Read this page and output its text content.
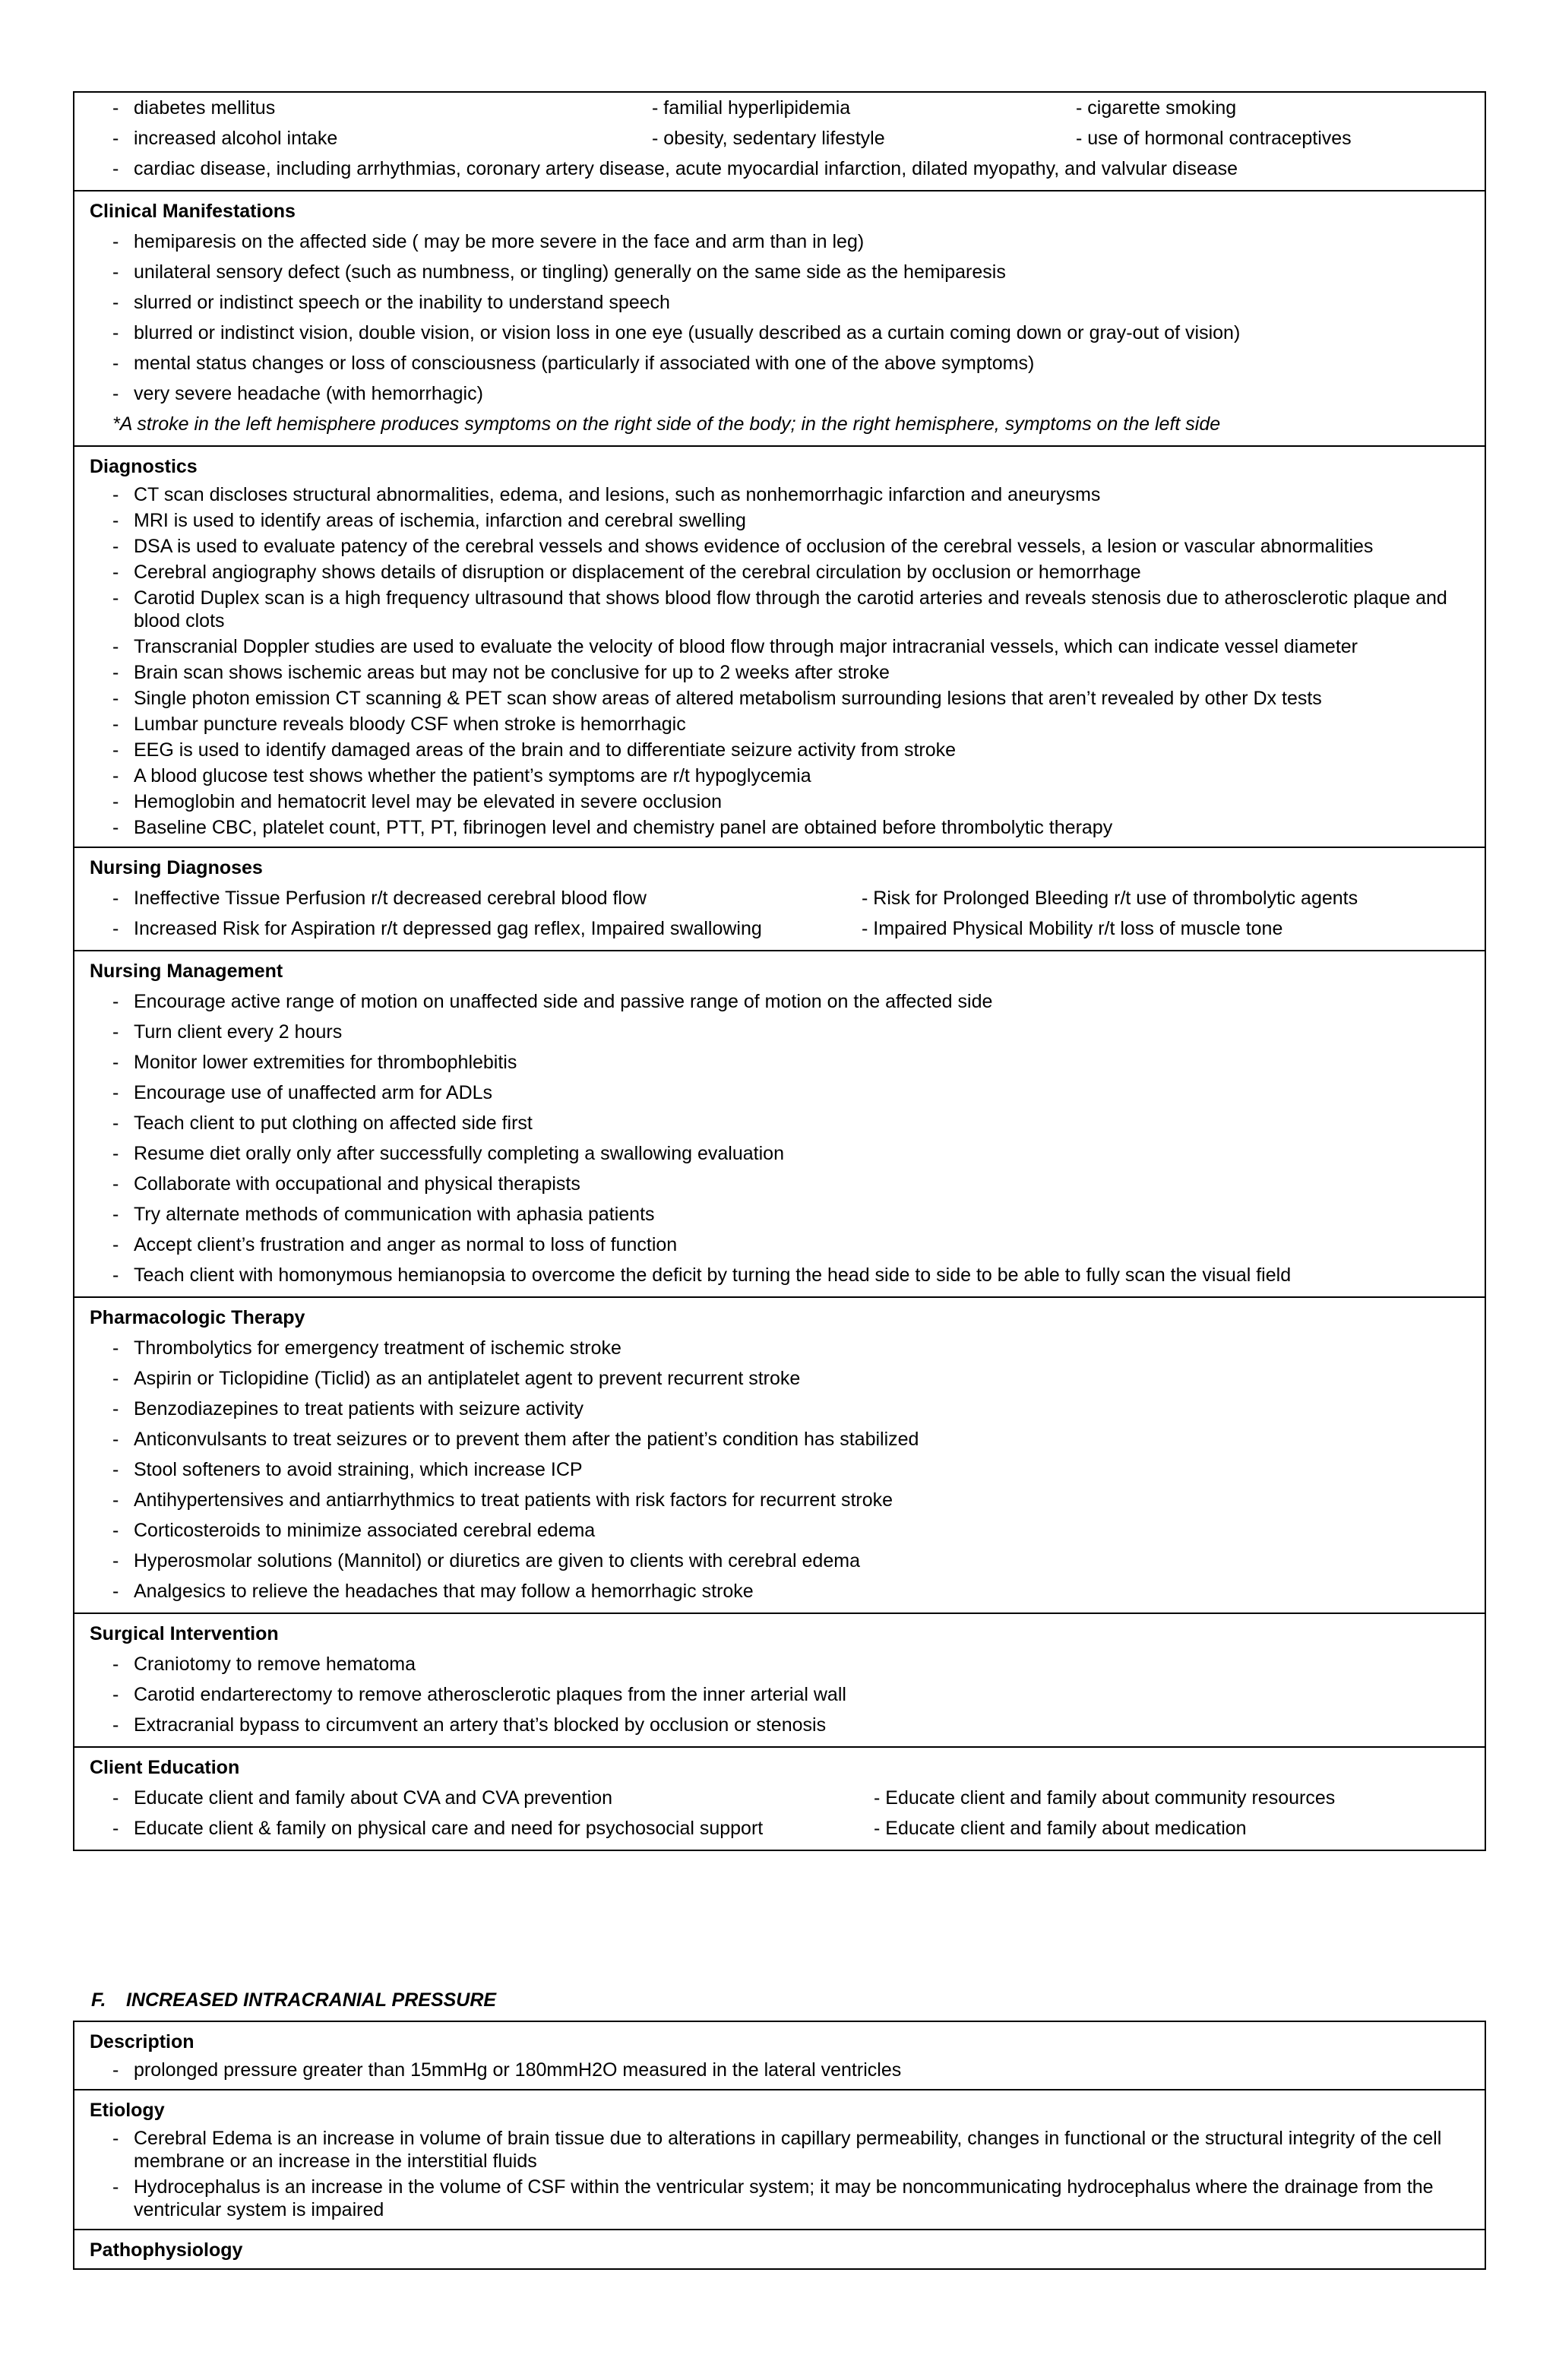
- diabetes mellitus	- familial hyperlipidemia	- cigarette smoking
- increased alcohol intake	- obesity, sedentary lifestyle	- use of hormonal contraceptives
- cardiac disease, including arrhythmias, coronary artery disease, acute myocardial infarction, dilated myopathy, and valvular disease
Clinical Manifestations
- hemiparesis on the affected side ( may be more severe in the face and arm than in leg)
- unilateral sensory defect (such as numbness, or tingling) generally on the same side as the hemiparesis
- slurred or indistinct speech or the inability to understand speech
- blurred or indistinct vision, double vision, or vision loss in one eye (usually described as a curtain coming down or gray-out of vision)
- mental status changes or loss of consciousness (particularly if associated with one of the above symptoms)
- very severe headache (with hemorrhagic)
*A stroke in the left hemisphere produces symptoms on the right side of the body; in the right hemisphere, symptoms on the left side
Diagnostics
- CT scan discloses structural abnormalities, edema, and lesions, such as nonhemorrhagic infarction and aneurysms
- MRI is used to identify areas of ischemia, infarction and cerebral swelling
- DSA is used to evaluate patency of the cerebral vessels and shows evidence of occlusion of the cerebral vessels, a lesion or vascular abnormalities
- Cerebral angiography shows details of disruption or displacement of the cerebral circulation by occlusion or hemorrhage
- Carotid Duplex scan is a high frequency ultrasound that shows blood flow through the carotid arteries and reveals stenosis due to atherosclerotic plaque and blood clots
- Transcranial Doppler studies are used to evaluate the velocity of blood flow through major intracranial vessels, which can indicate vessel diameter
- Brain scan shows ischemic areas but may not be conclusive for up to 2 weeks after stroke
- Single photon emission CT scanning & PET scan show areas of altered metabolism surrounding lesions that aren’t revealed by other Dx tests
- Lumbar puncture reveals bloody CSF when stroke is hemorrhagic
- EEG is used to identify damaged areas of the brain and to differentiate seizure activity from stroke
- A blood glucose test shows whether the patient’s symptoms are r/t hypoglycemia
- Hemoglobin and hematocrit level may be elevated in severe occlusion
- Baseline CBC, platelet count, PTT, PT, fibrinogen level and chemistry panel are obtained before thrombolytic therapy
Nursing Diagnoses
- Ineffective Tissue Perfusion r/t decreased cerebral blood flow	- Risk for Prolonged Bleeding r/t use of thrombolytic agents
- Increased Risk for Aspiration r/t depressed gag reflex, Impaired swallowing	- Impaired Physical Mobility r/t loss of muscle tone
Nursing Management
- Encourage active range of motion on unaffected side and passive range of motion on the affected side
- Turn client every 2 hours
- Monitor lower extremities for thrombophlebitis
- Encourage use of unaffected arm for ADLs
- Teach client to put clothing on affected side first
- Resume diet orally only after successfully completing a swallowing evaluation
- Collaborate with occupational and physical therapists
- Try alternate methods of communication with aphasia patients
- Accept client’s frustration and anger as normal to loss of function
- Teach client with homonymous hemianopsia to overcome the deficit by turning the head side to side to be able to fully scan the visual field
Pharmacologic Therapy
- Thrombolytics for emergency treatment of ischemic stroke
- Aspirin or Ticlopidine (Ticlid) as an antiplatelet agent to prevent recurrent stroke
- Benzodiazepines to treat patients with seizure activity
- Anticonvulsants to treat seizures or to prevent them after the patient’s condition has stabilized
- Stool softeners to avoid straining, which increase ICP
- Antihypertensives and antiarrhythmics to treat patients with risk factors for recurrent stroke
- Corticosteroids to minimize associated cerebral edema
- Hyperosmolar solutions (Mannitol) or diuretics are given to clients with cerebral edema
- Analgesics to relieve the headaches that may follow a hemorrhagic stroke
Surgical Intervention
- Craniotomy to remove hematoma
- Carotid endarterectomy to remove atherosclerotic plaques from the inner arterial wall
- Extracranial bypass to circumvent an artery that’s blocked by occlusion or stenosis
Client Education
- Educate client and family about CVA and CVA prevention	- Educate client and family about community resources
- Educate client & family on physical care and need for psychosocial support	- Educate client and family about medication
F. INCREASED INTRACRANIAL PRESSURE
Description
- prolonged pressure greater than 15mmHg or 180mmH2O measured in the lateral ventricles
Etiology
- Cerebral Edema is an increase in volume of brain tissue due to alterations in capillary permeability, changes in functional or the structural integrity of the cell membrane or an increase in the interstitial fluids
- Hydrocephalus is an increase in the volume of CSF within the ventricular system; it may be noncommunicating hydrocephalus where the drainage from the ventricular system is impaired
Pathophysiology
